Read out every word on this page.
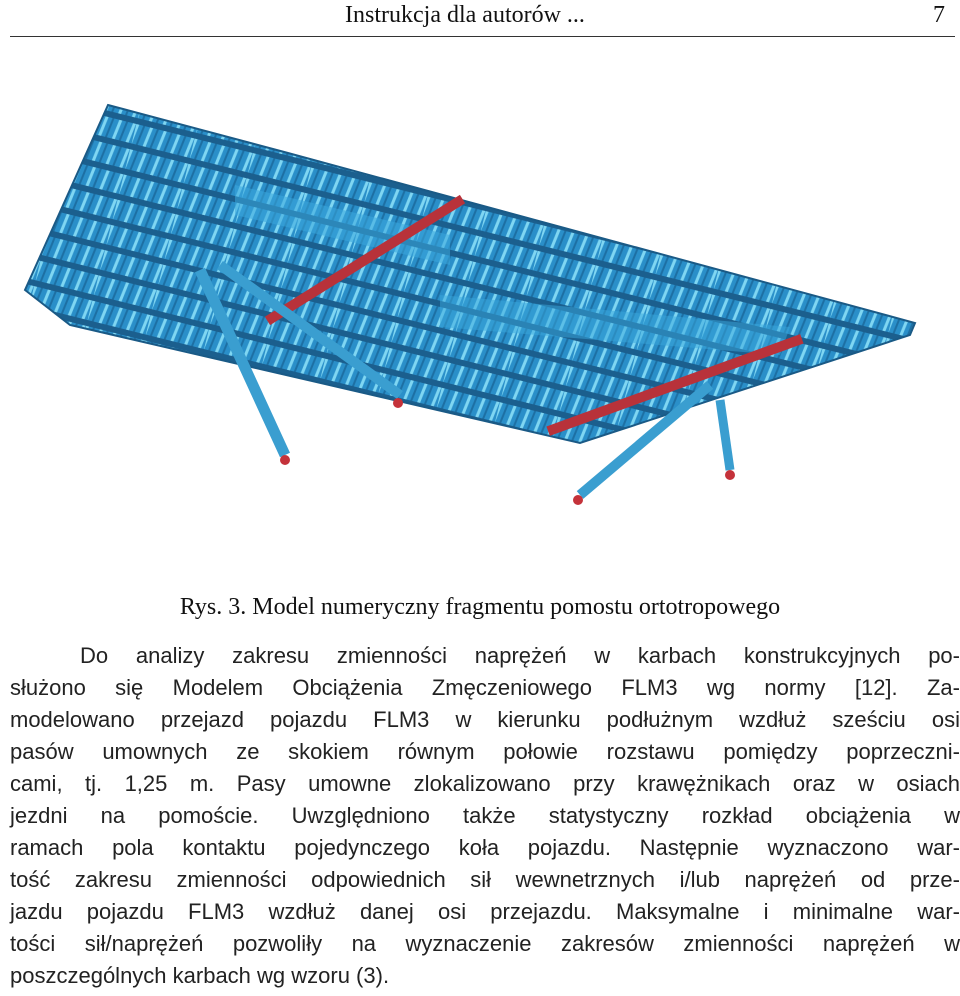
Instrukcja dla autorów ...	7
Rys. 3. Model numeryczny fragmentu pomostu ortotropowego
Do analizy zakresu zmienności naprężeń w karbach konstrukcyjnych po-
służono się Modelem Obciążenia Zmęczeniowego FLM3 wg normy [12]. Za-
modelowano przejazd pojazdu FLM3 w kierunku podłużnym wzdłuż sześciu osi
pasów umownych ze skokiem równym połowie rozstawu pomiędzy poprzeczni-
cami, tj. 1,25 m. Pasy umowne zlokalizowano przy krawężnikach oraz w osiach
jezdni na pomoście. Uwzględniono także statystyczny rozkład obciążenia w
ramach pola kontaktu pojedynczego koła pojazdu. Następnie wyznaczono war-
tość zakresu zmienności odpowiednich sił wewnetrznych i/lub naprężeń od prze-
jazdu pojazdu FLM3 wzdłuż danej osi przejazdu. Maksymalne i minimalne war-
tości sił/naprężeń pozwoliły na wyznaczenie zakresów zmienności naprężeń w
poszczególnych karbach wg wzoru (3).
